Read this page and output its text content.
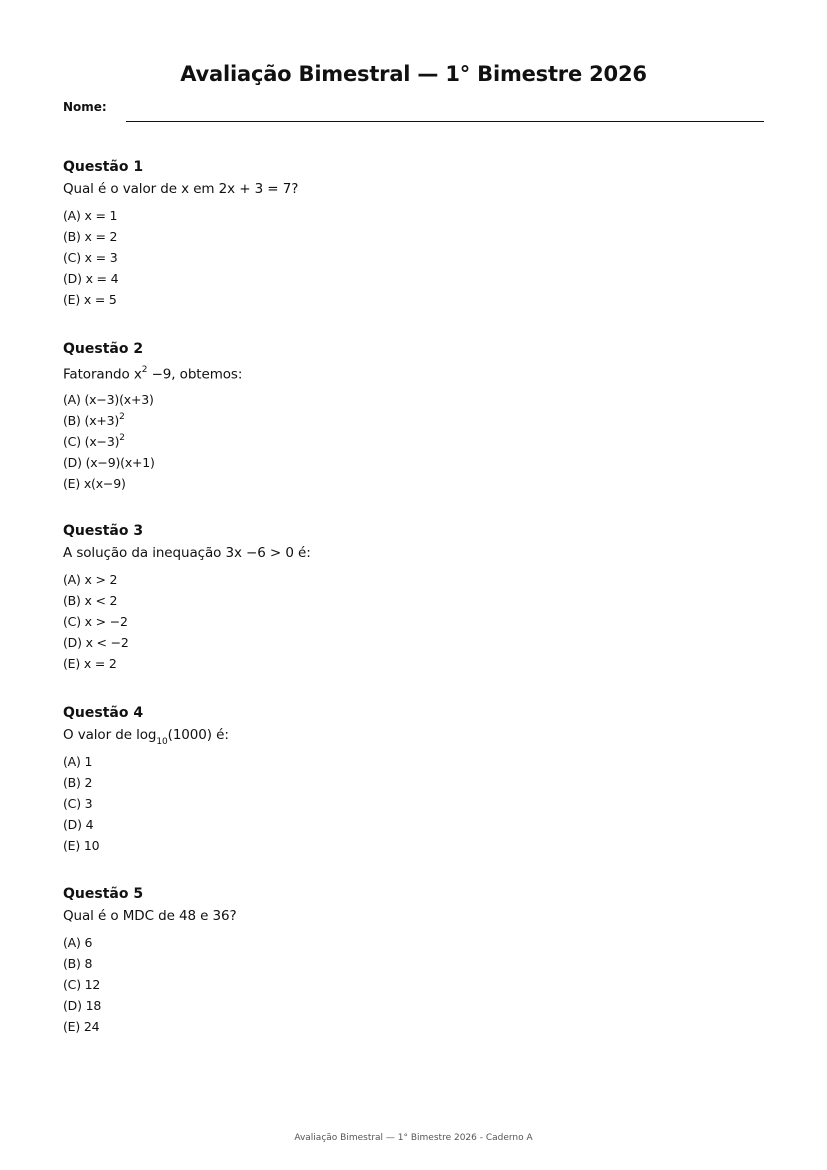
Avaliação Bimestral — 1° Bimestre 2026
Nome:
Questão 1
Qual é o valor de x em 2x + 3 = 7?
(A) x = 1
(B) x = 2
(C) x = 3
(D) x = 4
(E) x = 5
Questão 2
Fatorando $x^2 -9$, obtemos:
(A) (x−3)(x+3)
(B) $(x+3)^2$
(C) $(x-3)^2$
(D) (x−9)(x+1)
(E) x(x−9)
Questão 3
A solução da inequação 3x −6 > 0 é:
(A) x > 2
(B) x < 2
(C) x > −2
(D) x < −2
(E) x = 2
Questão 4
O valor de $\log_{10}(1000)$ é:
(A) 1
(B) 2
(C) 3
(D) 4
(E) 10
Questão 5
Qual é o MDC de 48 e 36?
(A) 6
(B) 8
(C) 12
(D) 18
(E) 24
Avaliação Bimestral — 1° Bimestre 2026 - Caderno A
